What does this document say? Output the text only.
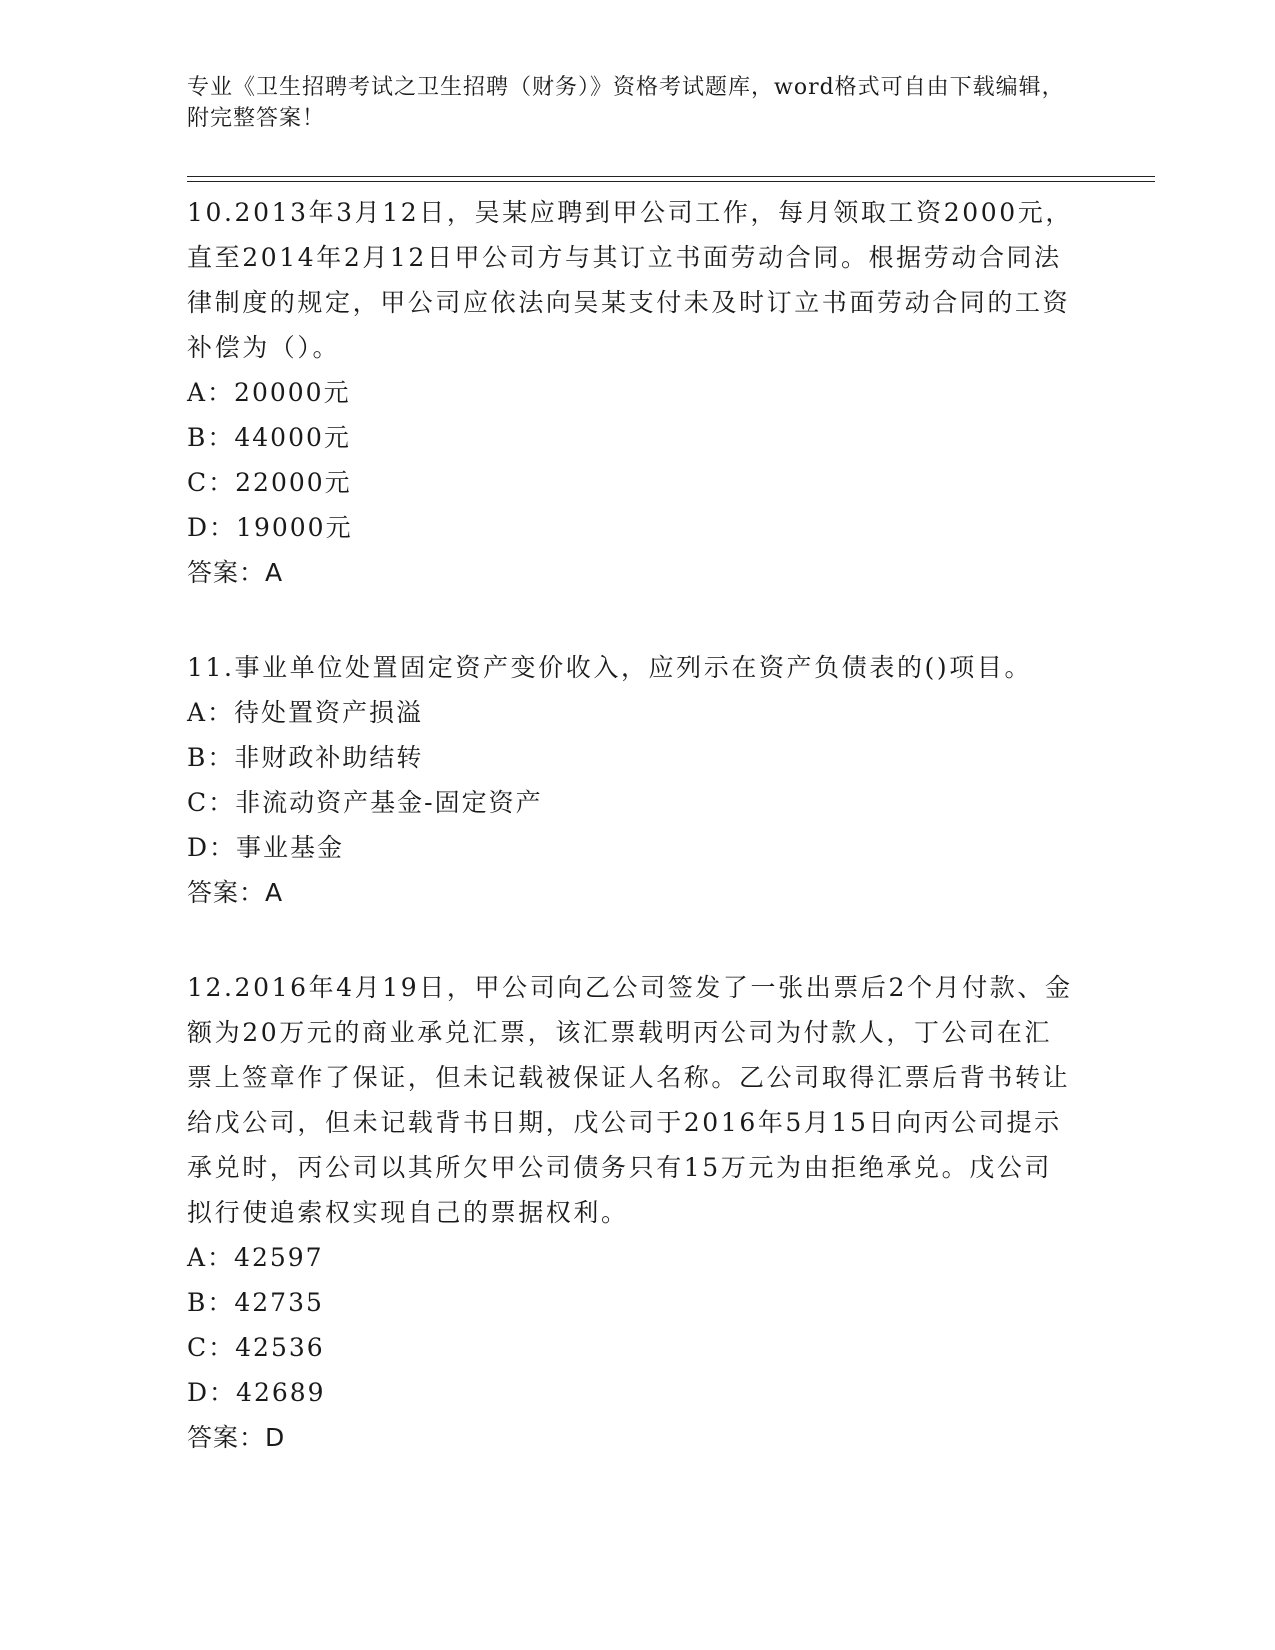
专业《卫生招聘考试之卫生招聘（财务）》资格考试题库，word格式可自由下载编辑，附完整答案！

10.2013年3月12日，吴某应聘到甲公司工作，每月领取工资2000元，直至2014年2月12日甲公司方与其订立书面劳动合同。根据劳动合同法律制度的规定，甲公司应依法向吴某支付未及时订立书面劳动合同的工资补偿为（）。

A：20000元

B：44000元

C：22000元

D：19000元

答案：A

11.事业单位处置固定资产变价收入，应列示在资产负债表的()项目。

A：待处置资产损溢

B：非财政补助结转

C：非流动资产基金-固定资产

D：事业基金

答案：A

12.2016年4月19日，甲公司向乙公司签发了一张出票后2个月付款、金额为20万元的商业承兑汇票，该汇票载明丙公司为付款人，丁公司在汇票上签章作了保证，但未记载被保证人名称。乙公司取得汇票后背书转让给戊公司，但未记载背书日期，戊公司于2016年5月15日向丙公司提示承兑时，丙公司以其所欠甲公司债务只有15万元为由拒绝承兑。戊公司拟行使追索权实现自己的票据权利。

A：42597

B：42735

C：42536

D：42689

答案：D
